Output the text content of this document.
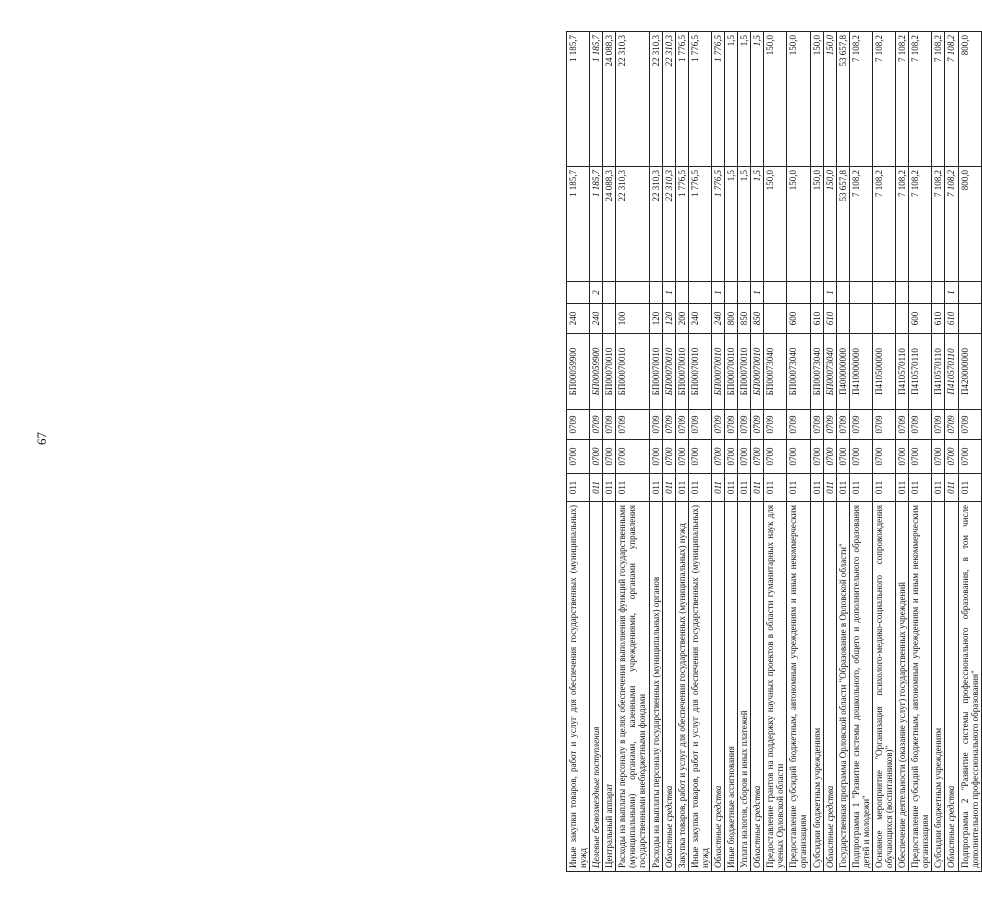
67
Иные закупки товаров, работ и услуг для обеспечения государственных (муниципальных) нужд	011	0700	0709	БП00059900	240		1 185,7	1 185,7
Целевые безвозмездные поступления	011	0700	0709	БП00059900	240	2	1 185,7	1 185,7
Центральный аппарат	011	0700	0709	БП00070010			24 088,3	24 088,3
Расходы на выплаты персоналу в целях обеспечения выполнения функций государственными (муниципальными) органами, казенными учреждениями, органами управления государственными внебюджетными фондами	011	0700	0709	БП00070010	100		22 310,3	22 310,3
Расходы на выплаты персоналу государственных (муниципальных) органов	011	0700	0709	БП00070010	120		22 310,3	22 310,3
Областные средства	011	0700	0709	БП00070010	120	1	22 310,3	22 310,3
Закупка товаров, работ и услуг для обеспечения государственных (муниципальных) нужд	011	0700	0709	БП00070010	200		1 776,5	1 776,5
Иные закупки товаров, работ и услуг для обеспечения государственных (муниципальных) нужд	011	0700	0709	БП00070010	240		1 776,5	1 776,5
Областные средства	011	0700	0709	БП00070010	240	1	1 776,5	1 776,5
Иные бюджетные ассигнования	011	0700	0709	БП00070010	800		1,5	1,5
Уплата налогов, сборов и иных платежей	011	0700	0709	БП00070010	850		1,5	1,5
Областные средства	011	0700	0709	БП00070010	850	1	1,5	1,5
Предоставление грантов на поддержку научных проектов в области гуманитарных наук для ученых Орловской области	011	0700	0709	БП00073040			150,0	150,0
Предоставление субсидий бюджетным, автономным учреждениям и иным некоммерческим организациям	011	0700	0709	БП00073040	600		150,0	150,0
Субсидии бюджетным учреждениям	011	0700	0709	БП00073040	610		150,0	150,0
Областные средства	011	0700	0709	БП00073040	610	1	150,0	150,0
Государственная программа Орловской области "Образование в Орловской области"	011	0700	0709	П400000000			53 657,8	53 657,8
Подпрограмма 1 "Развитие системы дошкольного, общего и дополнительного образования детей и молодежи"	011	0700	0709	П410000000			7 108,2	7 108,2
Основное мероприятие "Организация психолого-медико-социального сопровождения обучающихся (воспитанников)"	011	0700	0709	П410500000			7 108,2	7 108,2
Обеспечение деятельности (оказание услуг) государственных учреждений	011	0700	0709	П410570110			7 108,2	7 108,2
Предоставление субсидий бюджетным, автономным учреждениям и иным некоммерческим организациям	011	0700	0709	П410570110	600		7 108,2	7 108,2
Субсидии бюджетным учреждениям	011	0700	0709	П410570110	610		7 108,2	7 108,2
Областные средства	011	0700	0709	П410570110	610	1	7 108,2	7 108,2
Подпрограмма 2 "Развитие системы профессионального образования, в том числе дополнительного профессионального образования"	011	0700	0709	П420000000			800,0	800,0
